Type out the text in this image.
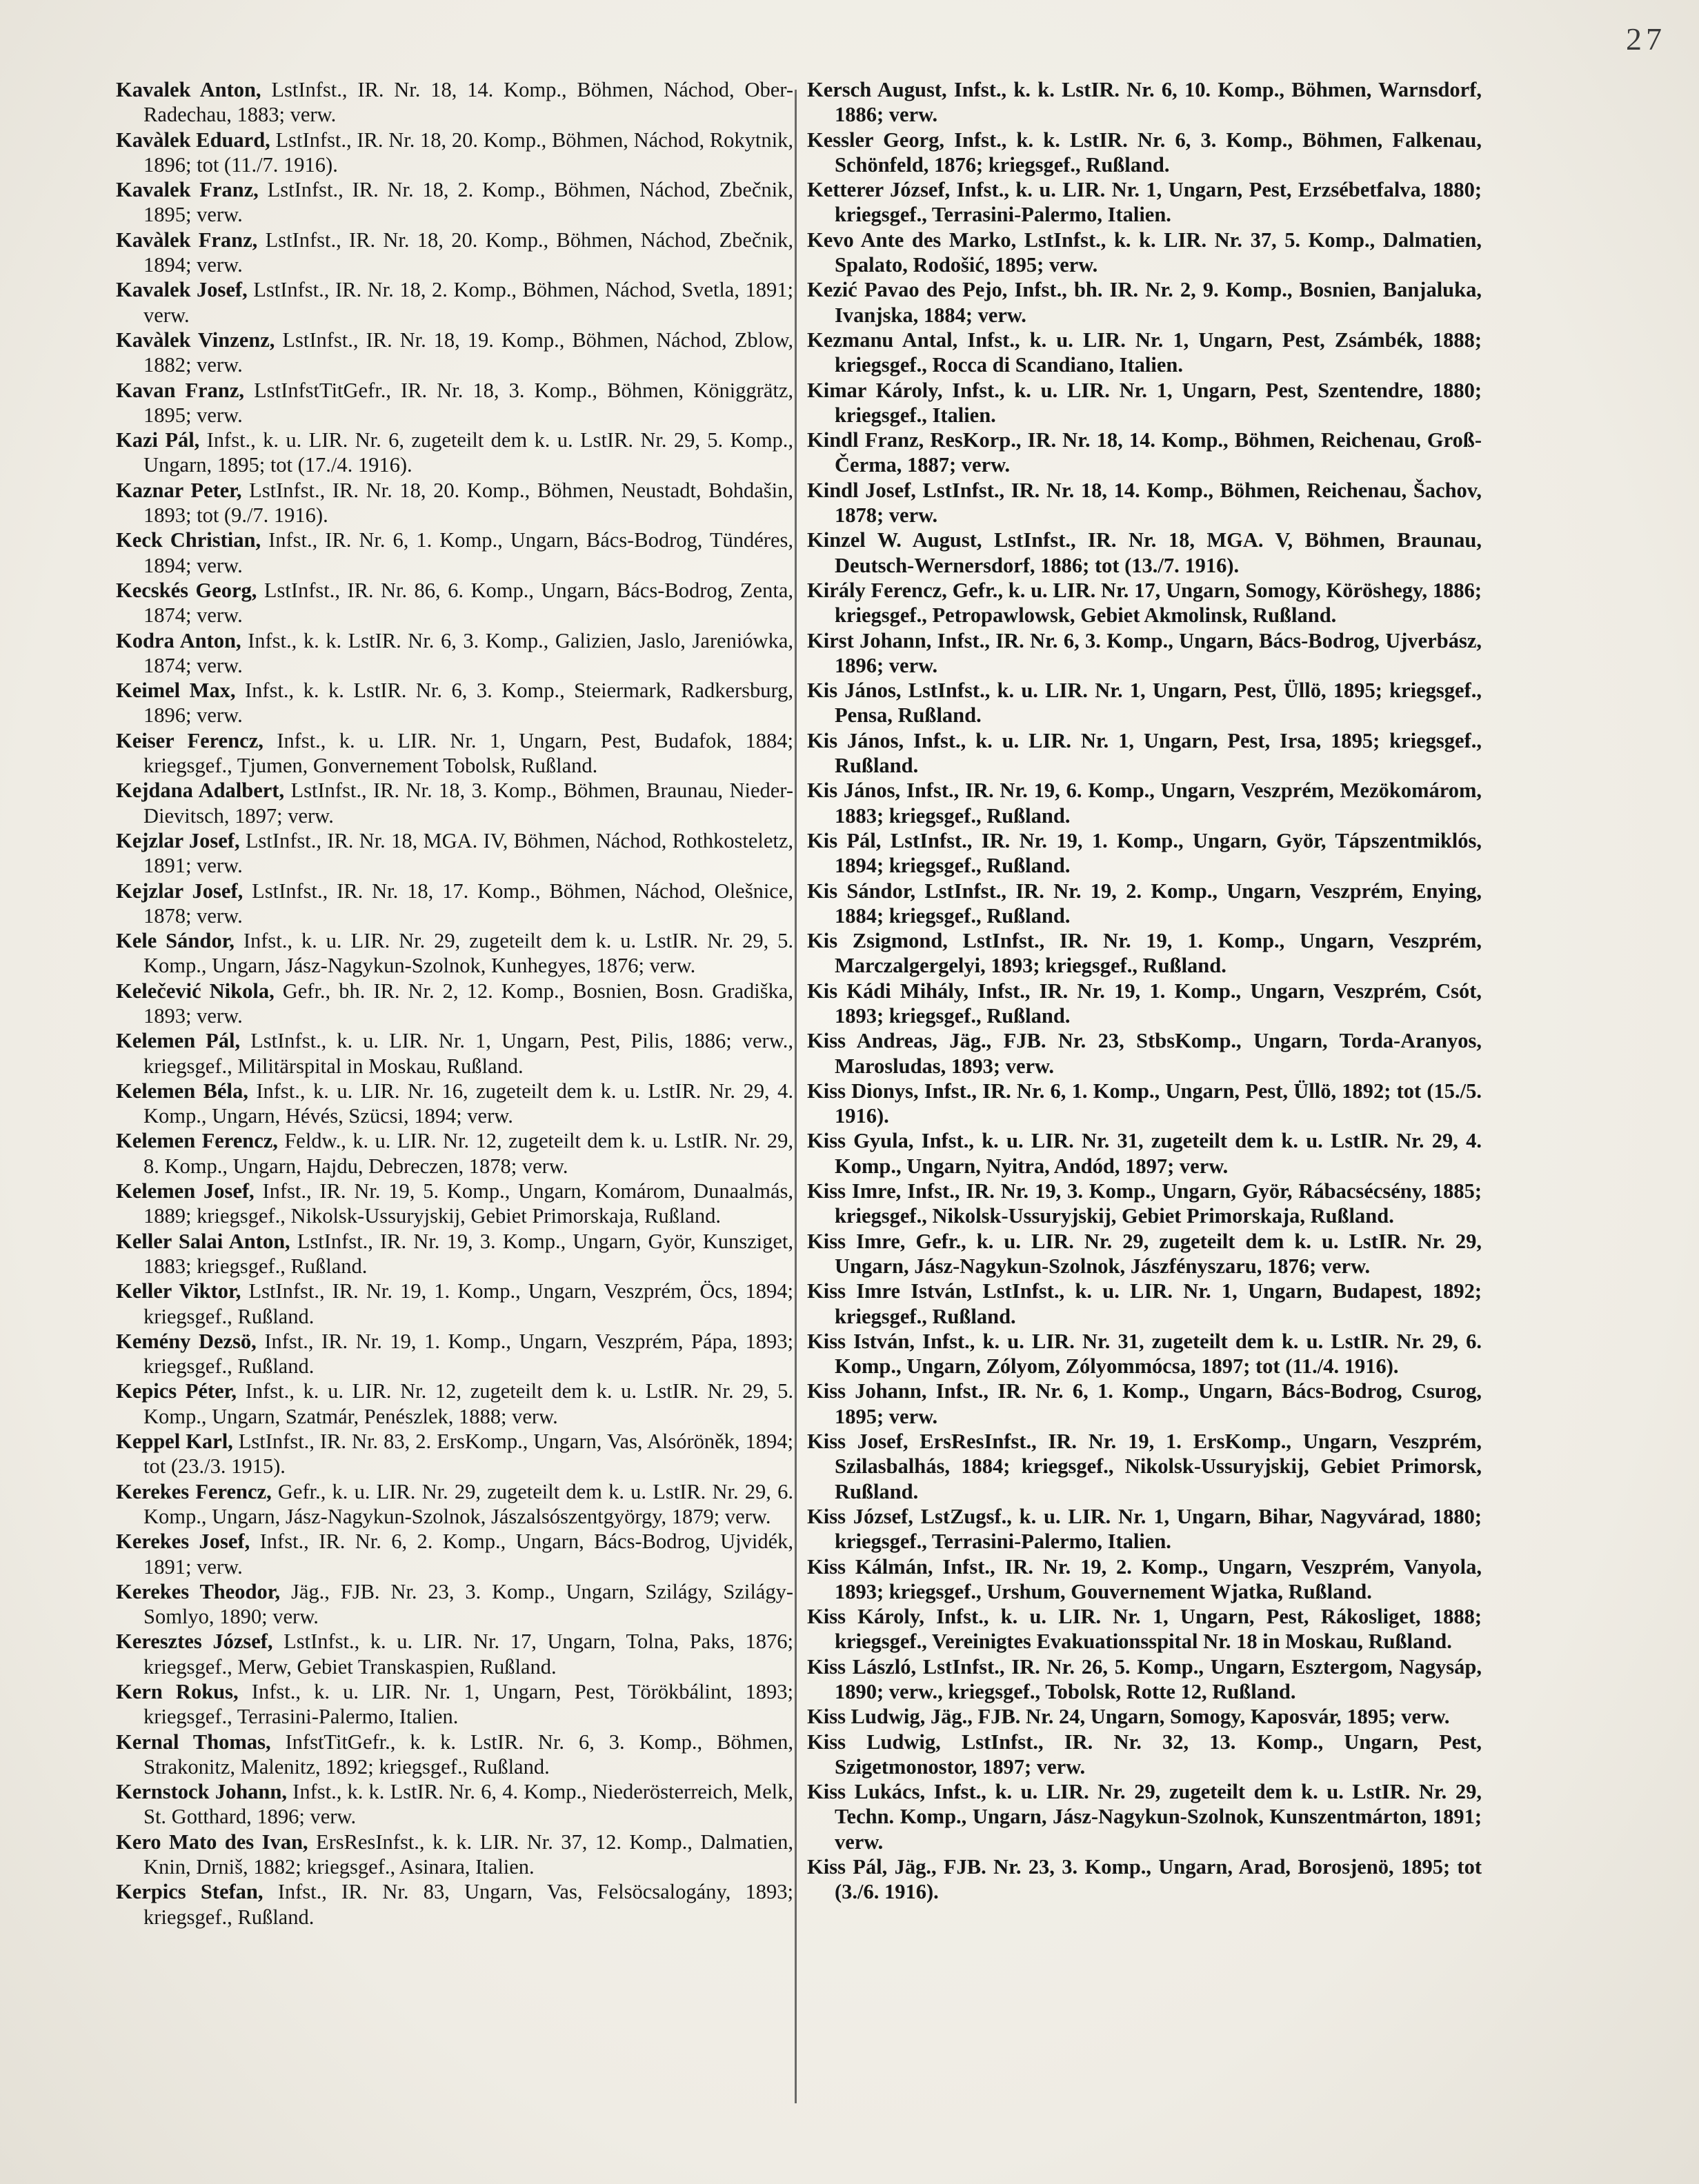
27

Kavalek Anton, LstInfst., IR. Nr. 18, 14. Komp., Böhmen, Náchod, Ober-Radechau, 1883; verw.

Kavàlek Eduard, LstInfst., IR. Nr. 18, 20. Komp., Böhmen, Náchod, Rokytnik, 1896; tot (11./7. 1916).

Kavalek Franz, LstInfst., IR. Nr. 18, 2. Komp., Böhmen, Náchod, Zbečnik, 1895; verw.

Kavàlek Franz, LstInfst., IR. Nr. 18, 20. Komp., Böhmen, Náchod, Zbečnik, 1894; verw.

Kavalek Josef, LstInfst., IR. Nr. 18, 2. Komp., Böhmen, Náchod, Svetla, 1891; verw.

Kavàlek Vinzenz, LstInfst., IR. Nr. 18, 19. Komp., Böhmen, Náchod, Zblow, 1882; verw.

Kavan Franz, LstInfstTitGefr., IR. Nr. 18, 3. Komp., Böhmen, Königgrätz, 1895; verw.

Kazi Pál, Infst., k. u. LIR. Nr. 6, zugeteilt dem k. u. LstIR. Nr. 29, 5. Komp., Ungarn, 1895; tot (17./4. 1916).

Kaznar Peter, LstInfst., IR. Nr. 18, 20. Komp., Böhmen, Neustadt, Bohdašin, 1893; tot (9./7. 1916).

Keck Christian, Infst., IR. Nr. 6, 1. Komp., Ungarn, Bács-Bodrog, Tündéres, 1894; verw.

Kecskés Georg, LstInfst., IR. Nr. 86, 6. Komp., Ungarn, Bács-Bodrog, Zenta, 1874; verw.

Kodra Anton, Infst., k. k. LstIR. Nr. 6, 3. Komp., Galizien, Jaslo, Jareniówka, 1874; verw.

Keimel Max, Infst., k. k. LstIR. Nr. 6, 3. Komp., Steiermark, Radkersburg, 1896; verw.

Keiser Ferencz, Infst., k. u. LIR. Nr. 1, Ungarn, Pest, Budafok, 1884; kriegsgef., Tjumen, Gonvernement Tobolsk, Rußland.

Kejdana Adalbert, LstInfst., IR. Nr. 18, 3. Komp., Böhmen, Braunau, Nieder-Dievitsch, 1897; verw.

Kejzlar Josef, LstInfst., IR. Nr. 18, MGA. IV, Böhmen, Náchod, Rothkosteletz, 1891; verw.

Kejzlar Josef, LstInfst., IR. Nr. 18, 17. Komp., Böhmen, Náchod, Olešnice, 1878; verw.

Kele Sándor, Infst., k. u. LIR. Nr. 29, zugeteilt dem k. u. LstIR. Nr. 29, 5. Komp., Ungarn, Jász-Nagykun-Szolnok, Kunhegyes, 1876; verw.

Kelečević Nikola, Gefr., bh. IR. Nr. 2, 12. Komp., Bosnien, Bosn. Gradiška, 1893; verw.

Kelemen Pál, LstInfst., k. u. LIR. Nr. 1, Ungarn, Pest, Pilis, 1886; verw., kriegsgef., Militärspital in Moskau, Rußland.

Kelemen Béla, Infst., k. u. LIR. Nr. 16, zugeteilt dem k. u. LstIR. Nr. 29, 4. Komp., Ungarn, Hévés, Szücsi, 1894; verw.

Kelemen Ferencz, Feldw., k. u. LIR. Nr. 12, zugeteilt dem k. u. LstIR. Nr. 29, 8. Komp., Ungarn, Hajdu, Debreczen, 1878; verw.

Kelemen Josef, Infst., IR. Nr. 19, 5. Komp., Ungarn, Komárom, Dunaalmás, 1889; kriegsgef., Nikolsk-Ussuryjskij, Gebiet Primorskaja, Rußland.

Keller Salai Anton, LstInfst., IR. Nr. 19, 3. Komp., Ungarn, Györ, Kunsziget, 1883; kriegsgef., Rußland.

Keller Viktor, LstInfst., IR. Nr. 19, 1. Komp., Ungarn, Veszprém, Öcs, 1894; kriegsgef., Rußland.

Kemény Dezsö, Infst., IR. Nr. 19, 1. Komp., Ungarn, Veszprém, Pápa, 1893; kriegsgef., Rußland.

Kepics Péter, Infst., k. u. LIR. Nr. 12, zugeteilt dem k. u. LstIR. Nr. 29, 5. Komp., Ungarn, Szatmár, Penészlek, 1888; verw.

Keppel Karl, LstInfst., IR. Nr. 83, 2. ErsKomp., Ungarn, Vas, Alsóröněk, 1894; tot (23./3. 1915).

Kerekes Ferencz, Gefr., k. u. LIR. Nr. 29, zugeteilt dem k. u. LstIR. Nr. 29, 6. Komp., Ungarn, Jász-Nagykun-Szolnok, Jászalsószentgyörgy, 1879; verw.

Kerekes Josef, Infst., IR. Nr. 6, 2. Komp., Ungarn, Bács-Bodrog, Ujvidék, 1891; verw.

Kerekes Theodor, Jäg., FJB. Nr. 23, 3. Komp., Ungarn, Szilágy, Szilágy-Somlyo, 1890; verw.

Keresztes József, LstInfst., k. u. LIR. Nr. 17, Ungarn, Tolna, Paks, 1876; kriegsgef., Merw, Gebiet Transkaspien, Rußland.

Kern Rokus, Infst., k. u. LIR. Nr. 1, Ungarn, Pest, Törökbálint, 1893; kriegsgef., Terrasini-Palermo, Italien.

Kernal Thomas, InfstTitGefr., k. k. LstIR. Nr. 6, 3. Komp., Böhmen, Strakonitz, Malenitz, 1892; kriegsgef., Rußland.

Kernstock Johann, Infst., k. k. LstIR. Nr. 6, 4. Komp., Niederösterreich, Melk, St. Gotthard, 1896; verw.

Kero Mato des Ivan, ErsResInfst., k. k. LIR. Nr. 37, 12. Komp., Dalmatien, Knin, Drniš, 1882; kriegsgef., Asinara, Italien.

Kerpics Stefan, Infst., IR. Nr. 83, Ungarn, Vas, Felsöcsalogány, 1893; kriegsgef., Rußland.

Kersch August, Infst., k. k. LstIR. Nr. 6, 10. Komp., Böhmen, Warnsdorf, 1886; verw.

Kessler Georg, Infst., k. k. LstIR. Nr. 6, 3. Komp., Böhmen, Falkenau, Schönfeld, 1876; kriegsgef., Rußland.

Ketterer József, Infst., k. u. LIR. Nr. 1, Ungarn, Pest, Erzsébetfalva, 1880; kriegsgef., Terrasini-Palermo, Italien.

Kevo Ante des Marko, LstInfst., k. k. LIR. Nr. 37, 5. Komp., Dalmatien, Spalato, Rodošić, 1895; verw.

Kezić Pavao des Pejo, Infst., bh. IR. Nr. 2, 9. Komp., Bosnien, Banjaluka, Ivanjska, 1884; verw.

Kezmanu Antal, Infst., k. u. LIR. Nr. 1, Ungarn, Pest, Zsámbék, 1888; kriegsgef., Rocca di Scandiano, Italien.

Kimar Károly, Infst., k. u. LIR. Nr. 1, Ungarn, Pest, Szentendre, 1880; kriegsgef., Italien.

Kindl Franz, ResKorp., IR. Nr. 18, 14. Komp., Böhmen, Reichenau, Groß-Čerma, 1887; verw.

Kindl Josef, LstInfst., IR. Nr. 18, 14. Komp., Böhmen, Reichenau, Šachov, 1878; verw.

Kinzel W. August, LstInfst., IR. Nr. 18, MGA. V, Böhmen, Braunau, Deutsch-Wernersdorf, 1886; tot (13./7. 1916).

Király Ferencz, Gefr., k. u. LIR. Nr. 17, Ungarn, Somogy, Köröshegy, 1886; kriegsgef., Petropawlowsk, Gebiet Akmolinsk, Rußland.

Kirst Johann, Infst., IR. Nr. 6, 3. Komp., Ungarn, Bács-Bodrog, Ujverbász, 1896; verw.

Kis János, LstInfst., k. u. LIR. Nr. 1, Ungarn, Pest, Üllö, 1895; kriegsgef., Pensa, Rußland.

Kis János, Infst., k. u. LIR. Nr. 1, Ungarn, Pest, Irsa, 1895; kriegsgef., Rußland.

Kis János, Infst., IR. Nr. 19, 6. Komp., Ungarn, Veszprém, Mezökomárom, 1883; kriegsgef., Rußland.

Kis Pál, LstInfst., IR. Nr. 19, 1. Komp., Ungarn, Györ, Tápszentmiklós, 1894; kriegsgef., Rußland.

Kis Sándor, LstInfst., IR. Nr. 19, 2. Komp., Ungarn, Veszprém, Enying, 1884; kriegsgef., Rußland.

Kis Zsigmond, LstInfst., IR. Nr. 19, 1. Komp., Ungarn, Veszprém, Marczalgergelyi, 1893; kriegsgef., Rußland.

Kis Kádi Mihály, Infst., IR. Nr. 19, 1. Komp., Ungarn, Veszprém, Csót, 1893; kriegsgef., Rußland.

Kiss Andreas, Jäg., FJB. Nr. 23, StbsKomp., Ungarn, Torda-Aranyos, Marosludas, 1893; verw.

Kiss Dionys, Infst., IR. Nr. 6, 1. Komp., Ungarn, Pest, Üllö, 1892; tot (15./5. 1916).

Kiss Gyula, Infst., k. u. LIR. Nr. 31, zugeteilt dem k. u. LstIR. Nr. 29, 4. Komp., Ungarn, Nyitra, Andód, 1897; verw.

Kiss Imre, Infst., IR. Nr. 19, 3. Komp., Ungarn, Györ, Rábacsécsény, 1885; kriegsgef., Nikolsk-Ussuryjskij, Gebiet Primorskaja, Rußland.

Kiss Imre, Gefr., k. u. LIR. Nr. 29, zugeteilt dem k. u. LstIR. Nr. 29, Ungarn, Jász-Nagykun-Szolnok, Jászfényszaru, 1876; verw.

Kiss Imre István, LstInfst., k. u. LIR. Nr. 1, Ungarn, Budapest, 1892; kriegsgef., Rußland.

Kiss István, Infst., k. u. LIR. Nr. 31, zugeteilt dem k. u. LstIR. Nr. 29, 6. Komp., Ungarn, Zólyom, Zólyommócsa, 1897; tot (11./4. 1916).

Kiss Johann, Infst., IR. Nr. 6, 1. Komp., Ungarn, Bács-Bodrog, Csurog, 1895; verw.

Kiss Josef, ErsResInfst., IR. Nr. 19, 1. ErsKomp., Ungarn, Veszprém, Szilasbalhás, 1884; kriegsgef., Nikolsk-Ussuryjskij, Gebiet Primorsk, Rußland.

Kiss József, LstZugsf., k. u. LIR. Nr. 1, Ungarn, Bihar, Nagyvárad, 1880; kriegsgef., Terrasini-Palermo, Italien.

Kiss Kálmán, Infst., IR. Nr. 19, 2. Komp., Ungarn, Veszprém, Vanyola, 1893; kriegsgef., Urshum, Gouvernement Wjatka, Rußland.

Kiss Károly, Infst., k. u. LIR. Nr. 1, Ungarn, Pest, Rákosliget, 1888; kriegsgef., Vereinigtes Evakuationsspital Nr. 18 in Moskau, Rußland.

Kiss László, LstInfst., IR. Nr. 26, 5. Komp., Ungarn, Esztergom, Nagysáp, 1890; verw., kriegsgef., Tobolsk, Rotte 12, Rußland.

Kiss Ludwig, Jäg., FJB. Nr. 24, Ungarn, Somogy, Kaposvár, 1895; verw.

Kiss Ludwig, LstInfst., IR. Nr. 32, 13. Komp., Ungarn, Pest, Szigetmonostor, 1897; verw.

Kiss Lukács, Infst., k. u. LIR. Nr. 29, zugeteilt dem k. u. LstIR. Nr. 29, Techn. Komp., Ungarn, Jász-Nagykun-Szolnok, Kunszentmárton, 1891; verw.

Kiss Pál, Jäg., FJB. Nr. 23, 3. Komp., Ungarn, Arad, Borosjenö, 1895; tot (3./6. 1916).
